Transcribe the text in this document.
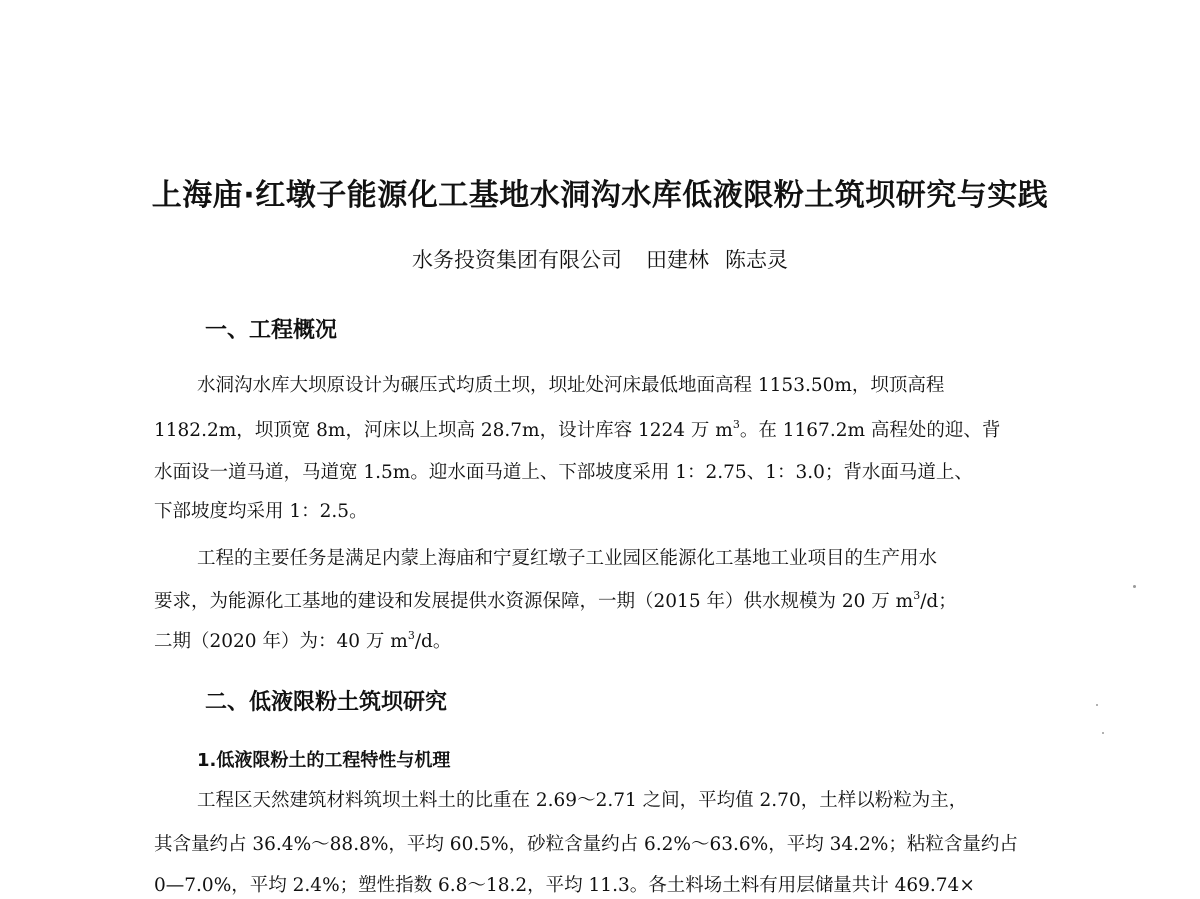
上海庙·红墩子能源化工基地水洞沟水库低液限粉土筑坝研究与实践
水务投资集团有限公司 田建林 陈志灵
一、工程概况
水洞沟水库大坝原设计为碾压式均质土坝，坝址处河床最低地面高程 1153.50m，坝顶高程
1182.2m，坝顶宽 8m，河床以上坝高 28.7m，设计库容 1224 万 $m^3$。在 1167.2m 高程处的迎、背
水面设一道马道，马道宽 1.5m。迎水面马道上、下部坡度采用 1：2.75、1：3.0；背水面马道上、
下部坡度均采用 1：2.5。
工程的主要任务是满足内蒙上海庙和宁夏红墩子工业园区能源化工基地工业项目的生产用水
要求，为能源化工基地的建设和发展提供水资源保障，一期（2015 年）供水规模为 20 万 $m^3/d$；
二期（2020 年）为：40 万 $m^3/d$。
二、低液限粉土筑坝研究
1.低液限粉土的工程特性与机理
工程区天然建筑材料筑坝土料土的比重在 2.69～2.71 之间，平均值 2.70，土样以粉粒为主，
其含量约占 36.4%～88.8%，平均 60.5%，砂粒含量约占 6.2%～63.6%，平均 34.2%；粘粒含量约占
0—7.0%，平均 2.4%；塑性指数 6.8～18.2，平均 11.3。各土料场土料有用层储量共计 469.74×
